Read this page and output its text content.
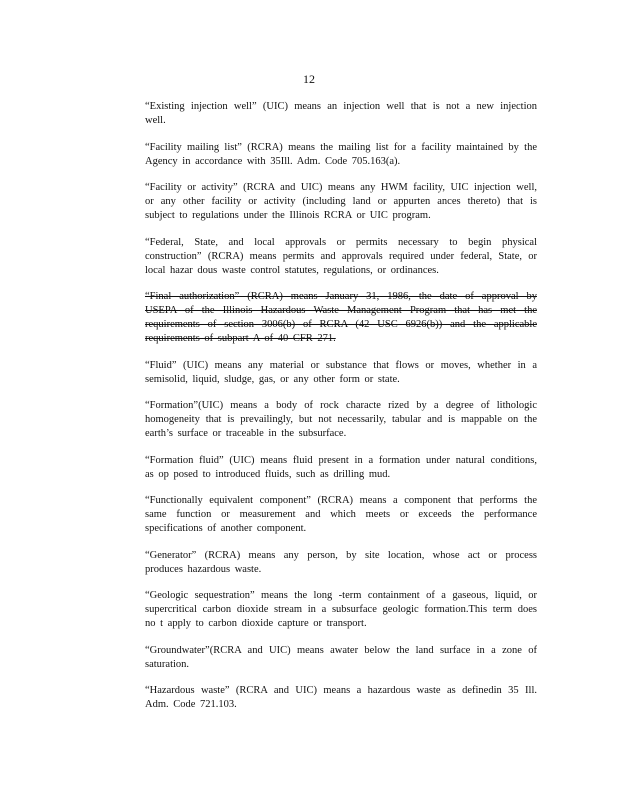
12

“Existing injection well” (UIC) means an injection well that is not a new injection well.

“Facility mailing list” (RCRA) means the mailing list for a facility maintained by the Agency in accordance with 35Ill. Adm. Code 705.163(a).

“Facility or activity” (RCRA and UIC) means any HWM facility, UIC injection well, or any other facility or activity (including land or appurten ances thereto) that is subject to regulations under the Illinois RCRA or UIC program.

“Federal, State, and local approvals or permits necessary to begin physical construction” (RCRA) means permits and approvals required under federal, State, or local hazar dous waste control statutes, regulations, or ordinances.

“Final authorization” (RCRA) means January 31, 1986, the date of approval by USEPA of the Illinois Hazardous Waste Management Program that has met the requirements of section 3006(b) of RCRA (42 USC 6926(b)) and the applicable requirements of subpart A of 40 CFR 271.

“Fluid” (UIC) means any material or substance that flows or moves, whether in a semisolid, liquid, sludge, gas, or any other form or state.

“Formation”(UIC) means a body of rock characte rized by a degree of lithologic homogeneity that is prevailingly, but not necessarily, tabular and is mappable on the earth’s surface or traceable in the subsurface.

“Formation fluid” (UIC) means fluid present in a formation under natural conditions, as op posed to introduced fluids, such as drilling mud.

“Functionally equivalent component” (RCRA) means a component that performs the same function or measurement and which meets or exceeds the performance specifications of another component.

“Generator” (RCRA) means any person, by site location, whose act or process produces hazardous waste.

“Geologic sequestration” means the long -term containment of a gaseous, liquid, or supercritical carbon dioxide stream in a subsurface geologic formation.This term does no t apply to carbon dioxide capture or transport.

“Groundwater”(RCRA and UIC) means awater below the land surface in a zone of saturation.

“Hazardous waste” (RCRA and UIC) means a hazardous waste as definedin 35 Ill. Adm. Code 721.103.
